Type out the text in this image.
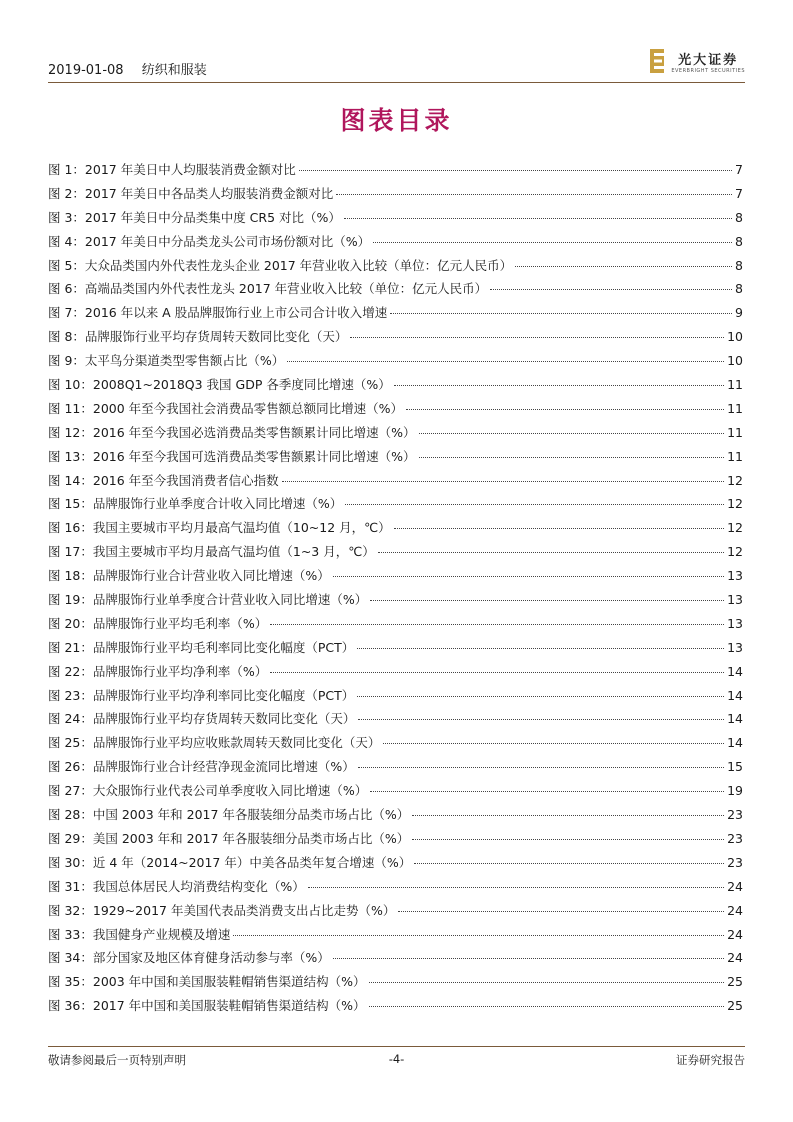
2019-01-08 纺织和服装
光大证券
EVERBRIGHT SECURITIES
图表目录
图 1：2017 年美日中人均服装消费金额对比	7
图 2：2017 年美日中各品类人均服装消费金额对比	7
图 3：2017 年美日中分品类集中度 CR5 对比（%）	8
图 4：2017 年美日中分品类龙头公司市场份额对比（%）	8
图 5：大众品类国内外代表性龙头企业 2017 年营业收入比较（单位：亿元人民币）	8
图 6：高端品类国内外代表性龙头 2017 年营业收入比较（单位：亿元人民币）	8
图 7：2016 年以来 A 股品牌服饰行业上市公司合计收入增速	9
图 8：品牌服饰行业平均存货周转天数同比变化（天）	10
图 9：太平鸟分渠道类型零售额占比（%）	10
图 10：2008Q1~2018Q3 我国 GDP 各季度同比增速（%）	11
图 11：2000 年至今我国社会消费品零售额总额同比增速（%）	11
图 12：2016 年至今我国必选消费品类零售额累计同比增速（%）	11
图 13：2016 年至今我国可选消费品类零售额累计同比增速（%）	11
图 14：2016 年至今我国消费者信心指数	12
图 15：品牌服饰行业单季度合计收入同比增速（%）	12
图 16：我国主要城市平均月最高气温均值（10~12 月，℃）	12
图 17：我国主要城市平均月最高气温均值（1~3 月，℃）	12
图 18：品牌服饰行业合计营业收入同比增速（%）	13
图 19：品牌服饰行业单季度合计营业收入同比增速（%）	13
图 20：品牌服饰行业平均毛利率（%）	13
图 21：品牌服饰行业平均毛利率同比变化幅度（PCT）	13
图 22：品牌服饰行业平均净利率（%）	14
图 23：品牌服饰行业平均净利率同比变化幅度（PCT）	14
图 24：品牌服饰行业平均存货周转天数同比变化（天）	14
图 25：品牌服饰行业平均应收账款周转天数同比变化（天）	14
图 26：品牌服饰行业合计经营净现金流同比增速（%）	15
图 27：大众服饰行业代表公司单季度收入同比增速（%）	19
图 28：中国 2003 年和 2017 年各服装细分品类市场占比（%）	23
图 29：美国 2003 年和 2017 年各服装细分品类市场占比（%）	23
图 30：近 4 年（2014~2017 年）中美各品类年复合增速（%）	23
图 31：我国总体居民人均消费结构变化（%）	24
图 32：1929~2017 年美国代表品类消费支出占比走势（%）	24
图 33：我国健身产业规模及增速	24
图 34：部分国家及地区体育健身活动参与率（%）	24
图 35：2003 年中国和美国服装鞋帽销售渠道结构（%）	25
图 36：2017 年中国和美国服装鞋帽销售渠道结构（%）	25
敬请参阅最后一页特别声明	-4-	证券研究报告
